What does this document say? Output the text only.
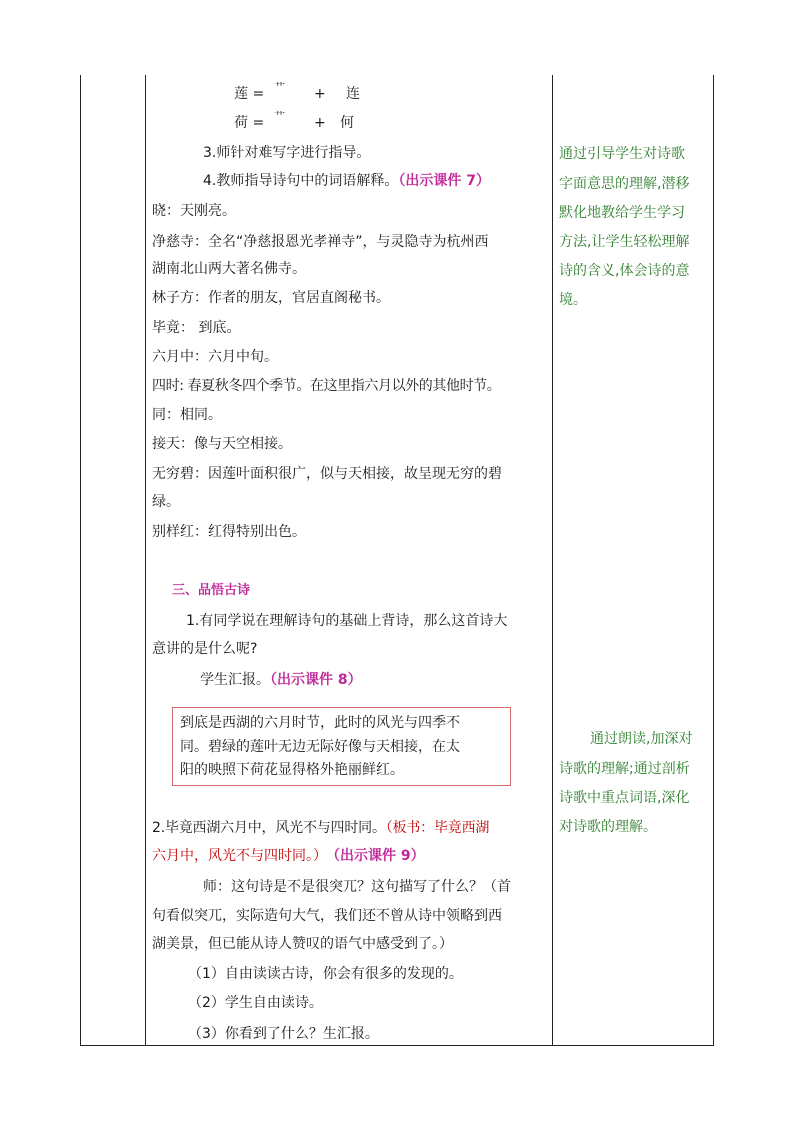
莲 = 艹 + 连
荷 = 艹 + 何
3.师针对难写字进行指导。
4.教师指导诗句中的词语解释。（出示课件 7）
晓：天刚亮。
净慈寺：全名“净慈报恩光孝禅寺”，与灵隐寺为杭州西
湖南北山两大著名佛寺。
林子方：作者的朋友，官居直阁秘书。
毕竟： 到底。
六月中：六月中旬。
四时: 春夏秋冬四个季节。在这里指六月以外的其他时节。
同：相同。
接天：像与天空相接。
无穷碧：因莲叶面积很广，似与天相接，故呈现无穷的碧
绿。
别样红：红得特别出色。
三、品悟古诗
1.有同学说在理解诗句的基础上背诗，那么这首诗大
意讲的是什么呢?
学生汇报。（出示课件 8）
到底是西湖的六月时节，此时的风光与四季不
同。碧绿的莲叶无边无际好像与天相接，在太
阳的映照下荷花显得格外艳丽鲜红。
2.毕竟西湖六月中，风光不与四时同。（板书：毕竟西湖
六月中，风光不与四时同。） （出示课件 9）
师：这句诗是不是很突兀？这句描写了什么？（首
句看似突兀，实际造句大气，我们还不曾从诗中领略到西
湖美景，但已能从诗人赞叹的语气中感受到了。）
（1）自由读读古诗，你会有很多的发现的。
（2）学生自由读诗。
（3）你看到了什么？生汇报。
通过引导学生对诗歌
字面意思的理解,潜移
默化地教给学生学习
方法,让学生轻松理解
诗的含义,体会诗的意
境。
通过朗读,加深对
诗歌的理解;通过剖析
诗歌中重点词语,深化
对诗歌的理解。
